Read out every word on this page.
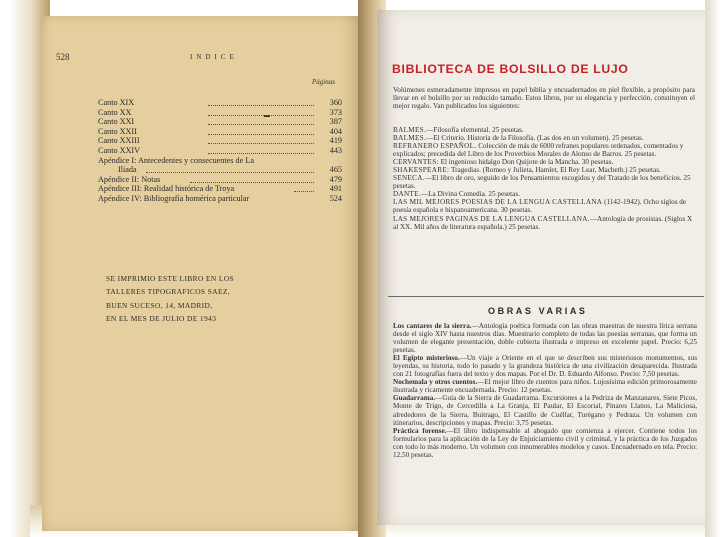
528	INDICE
Páginas
Canto XIX	360
Canto XX	373
Canto XXI	387
Canto XXII	404
Canto XXIII	419
Canto XXIV	443
Apéndice I: Antecedentes y consecuentes de La
Iliada	465
Apéndice II: Notas	479
Apéndice III: Realidad histórica de Troya	491
Apéndice IV: Bibliografía homérica particular	524
SE IMPRIMIO ESTE LIBRO EN LOS
TALLERES TIPOGRAFICOS SAEZ,
BUEN SUCESO, 14, MADRID,
EN EL MES DE JULIO DE 1943
BIBLIOTECA DE BOLSILLO DE LUJO
Volúmenes esmeradamente impresos en papel biblia y encuadernados en piel flexible, a propósito para llevar en el bolsillo por su reducido tamaño. Estos libros, por su elegancia y perfección, constituyen el mejor regalo. Van publicados los siguientes:
BALMES.—Filosofía elemental. 25 pesetas.
BALMES.—El Criterio. Historia de la Filosofía. (Las dos en un volumen). 25 pesetas.
REFRANERO ESPAÑOL. Colección de más de 6000 refranes populares ordenados, comentados y explicados; precedida del Libro de los Proverbios Morales de Alonso de Barros. 25 pesetas.
CERVANTES: El ingenioso hidalgo Don Quijote de la Mancha. 30 pesetas.
SHAKESPEARE: Tragedias. (Romeo y Julieta, Hamlet, El Rey Lear, Macbeth.) 25 pesetas.
SENECA.—El libro de oro, seguido de los Pensamientos escogidos y del Tratado de los beneficios. 25 pesetas.
DANTE.—La Divina Comedia. 25 pesetas.
LAS MIL MEJORES POESIAS DE LA LENGUA CASTELLANA (1142-1942). Ocho siglos de poesía española e hispanoamericana. 30 pesetas.
LAS MEJORES PAGINAS DE LA LENGUA CASTELLANA.—Antología de prosistas. (Siglos X al XX. Mil años de literatura española.) 25 pesetas.
OBRAS VARIAS
Los cantares de la sierra.—Antología poética formada con las obras maestras de nuestra lírica serrana desde el siglo XIV hasta nuestros días. Muestrario completo de todas las poesías serranas, que forma un volumen de elegante presentación, doble cubierta ilustrada e impreso en excelente papel. Precio: 6,25 pesetas.
El Egipto misterioso.—Un viaje a Oriente en el que se describen sus misteriosos monumentos, sus leyendas, su historia, todo lo pasado y la grandeza histórica de una civilización desaparecida. Ilustrada con 21 fotografías fuera del texto y dos mapas. Por el Dr. D. Eduardo Alfonso. Precio: 7,50 pesetas.
Nochemala y otros cuentos.—El mejor libro de cuentos para niños. Lujosísima edición primorosamente ilustrada y ricamente encuadernada. Precio: 12 pesetas.
Guadarrama.—Guía de la Sierra de Guadarrama. Excursiones a la Pedriza de Manzanares, Siete Picos, Monte de Trigo, de Cercedilla a La Granja, El Paular, El Escorial, Pinares Llanos, La Maliciosa, alrededores de la Sierra, Buitrago, El Castillo de Cuéllar, Turégano y Pedraza. Un volumen con itinerarios, descripciones y mapas. Precio: 3,75 pesetas.
Práctica forense.—El libro indispensable al abogado que comienza a ejercer. Contiene todos los formularios para la aplicación de la Ley de Enjuiciamiento civil y criminal, y la práctica de los Juzgados con todo lo más moderno. Un volumen con innumerables modelos y casos. Encuadernado en tela. Precio: 12,50 pesetas.
